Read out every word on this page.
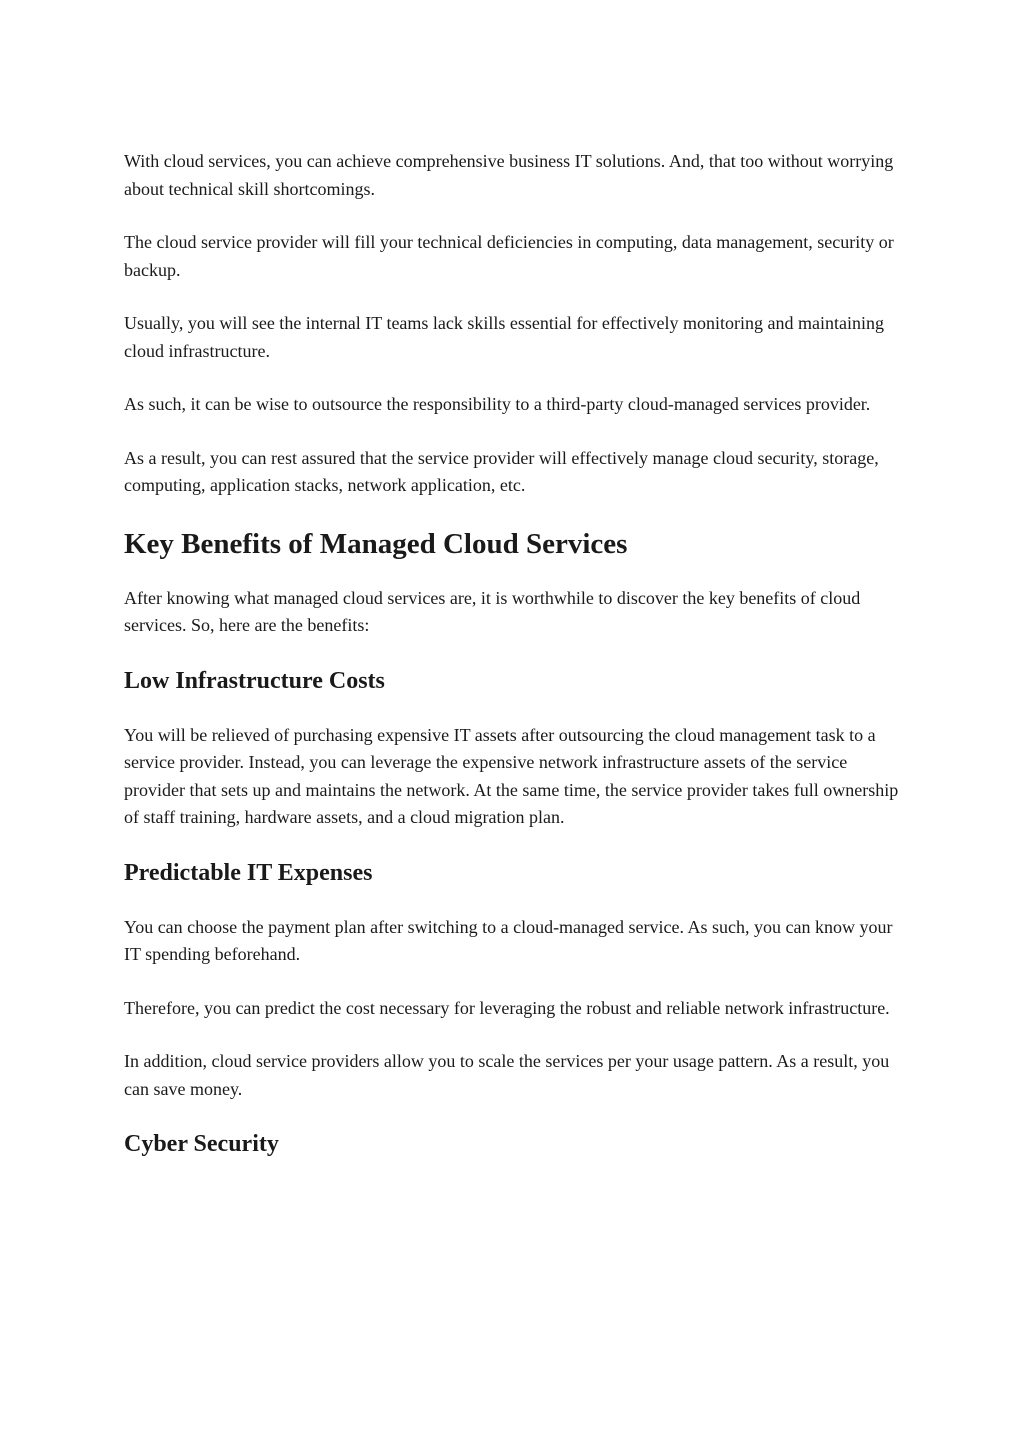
With cloud services, you can achieve comprehensive business IT solutions. And, that too without worrying about technical skill shortcomings.

The cloud service provider will fill your technical deficiencies in computing, data management, security or backup.

Usually, you will see the internal IT teams lack skills essential for effectively monitoring and maintaining cloud infrastructure.

As such, it can be wise to outsource the responsibility to a third-party cloud-managed services provider.

As a result, you can rest assured that the service provider will effectively manage cloud security, storage, computing, application stacks, network application, etc.

Key Benefits of Managed Cloud Services

After knowing what managed cloud services are, it is worthwhile to discover the key benefits of cloud services. So, here are the benefits:

Low Infrastructure Costs

You will be relieved of purchasing expensive IT assets after outsourcing the cloud management task to a service provider. Instead, you can leverage the expensive network infrastructure assets of the service provider that sets up and maintains the network. At the same time, the service provider takes full ownership of staff training, hardware assets, and a cloud migration plan.

Predictable IT Expenses

You can choose the payment plan after switching to a cloud-managed service. As such, you can know your IT spending beforehand.

Therefore, you can predict the cost necessary for leveraging the robust and reliable network infrastructure.

In addition, cloud service providers allow you to scale the services per your usage pattern. As a result, you can save money.

Cyber Security
